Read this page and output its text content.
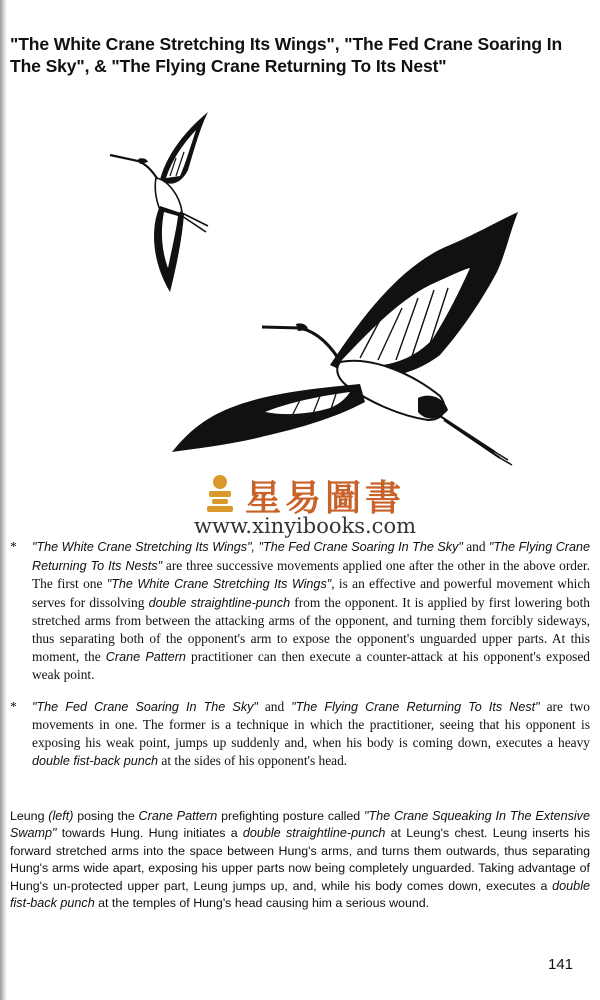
"The White Crane Stretching Its Wings", "The Fed Crane Soaring In The Sky", & "The Flying Crane Returning To Its Nest"
星易圖書
www.xinyibooks.com

* "The White Crane Stretching Its Wings", "The Fed Crane Soaring In The Sky" and "The Flying Crane Returning To Its Nests" are three successive movements applied one after the other in the above order. The first one "The White Crane Stretching Its Wings", is an effective and powerful movement which serves for dissolving double straightline-punch from the opponent. It is applied by first lowering both stretched arms from between the attacking arms of the opponent, and turning them forcibly sideways, thus separating both of the opponent's arm to expose the opponent's unguarded upper parts. At this moment, the Crane Pattern practitioner can then execute a counter-attack at his opponent's exposed weak point.

* "The Fed Crane Soaring In The Sky" and "The Flying Crane Returning To Its Nest" are two movements in one. The former is a technique in which the practitioner, seeing that his opponent is exposing his weak point, jumps up suddenly and, when his body is coming down, executes a heavy double fist-back punch at the sides of his opponent's head.

Leung (left) posing the Crane Pattern prefighting posture called "The Crane Squeaking In The Extensive Swamp" towards Hung. Hung initiates a double straightline-punch at Leung's chest. Leung inserts his forward stretched arms into the space between Hung's arms, and turns them outwards, thus separating Hung's arms wide apart, exposing his upper parts now being completely unguarded. Taking advantage of Hung's un-protected upper part, Leung jumps up, and, while his body comes down, executes a double fist-back punch at the temples of Hung's head causing him a serious wound.

141
